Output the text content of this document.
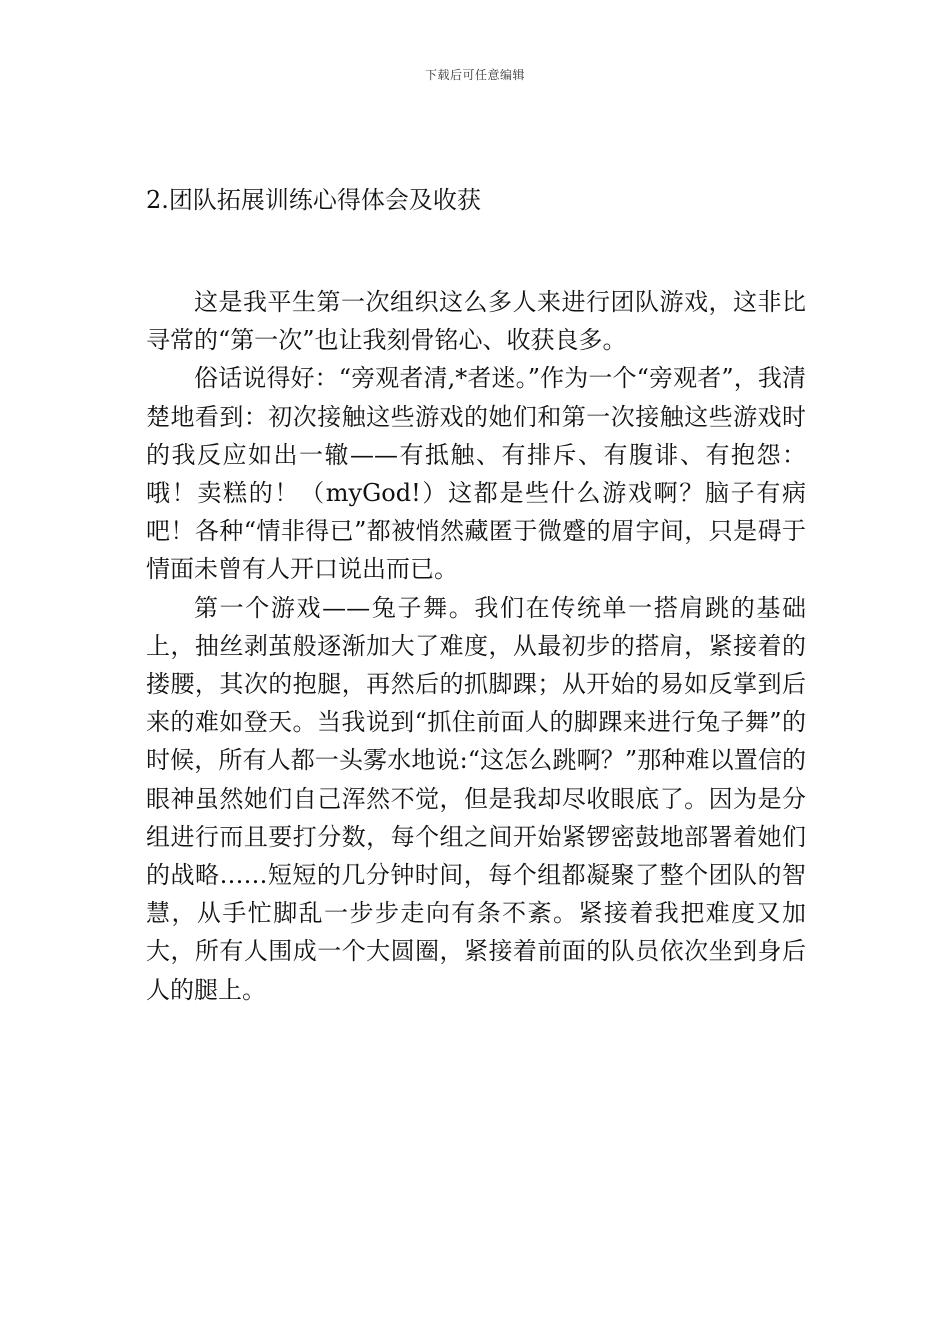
下载后可任意编辑
2.团队拓展训练心得体会及收获

这是我平生第一次组织这么多人来进行团队游戏，这非比寻常的“第一次”也让我刻骨铭心、收获良多。

俗话说得好：“旁观者清,*者迷。”作为一个“旁观者”，我清楚地看到：初次接触这些游戏的她们和第一次接触这些游戏时的我反应如出一辙——有抵触、有排斥、有腹诽、有抱怨：哦！卖糕的！（myGod!）这都是些什么游戏啊？脑子有病吧！各种“情非得已”都被悄然藏匿于微蹙的眉宇间，只是碍于情面未曾有人开口说出而已。

第一个游戏——兔子舞。我们在传统单一搭肩跳的基础上，抽丝剥茧般逐渐加大了难度，从最初步的搭肩，紧接着的搂腰，其次的抱腿，再然后的抓脚踝；从开始的易如反掌到后来的难如登天。当我说到“抓住前面人的脚踝来进行兔子舞”的时候，所有人都一头雾水地说:“这怎么跳啊？”那种难以置信的眼神虽然她们自己浑然不觉，但是我却尽收眼底了。因为是分组进行而且要打分数，每个组之间开始紧锣密鼓地部署着她们的战略……短短的几分钟时间，每个组都凝聚了整个团队的智慧，从手忙脚乱一步步走向有条不紊。紧接着我把难度又加大，所有人围成一个大圆圈，紧接着前面的队员依次坐到身后人的腿上。
